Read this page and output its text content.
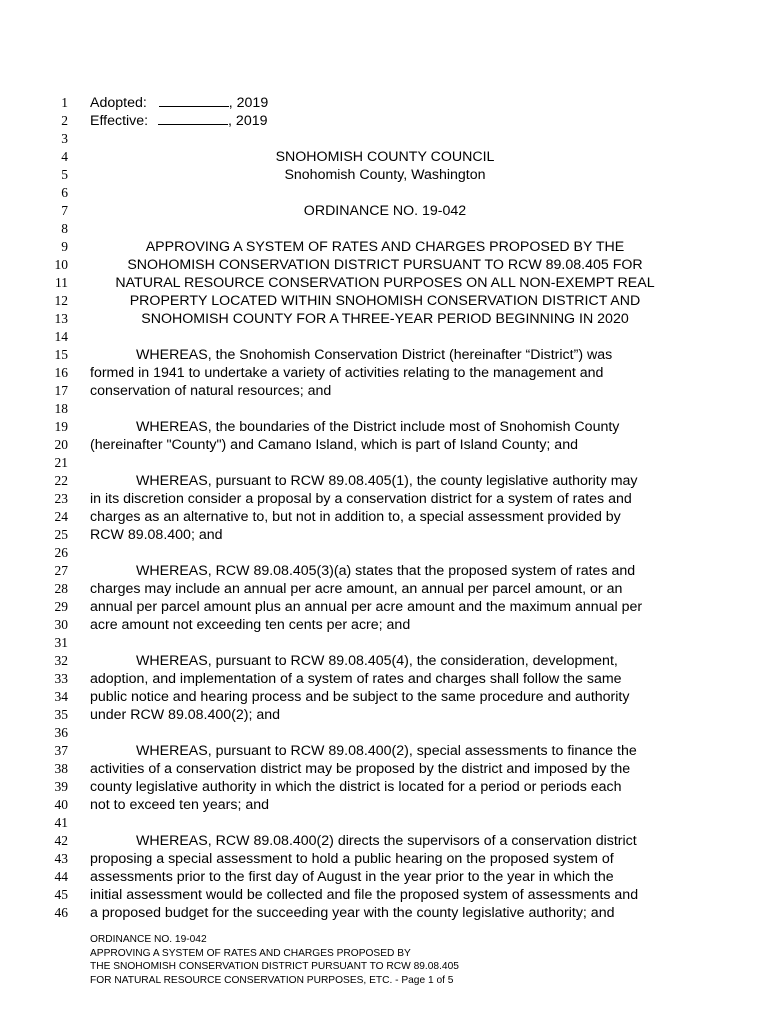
1
2
3
4
5
6
7
8
9
10
11
12
13
14
15
16
17
18
19
20
21
22
23
24
25
26
27
28
29
30
31
32
33
34
35
36
37
38
39
40
41
42
43
44
45
46
Adopted:	, 2019
Effective:	, 2019
SNOHOMISH COUNTY COUNCIL
Snohomish County, Washington
ORDINANCE NO. 19-042
APPROVING A SYSTEM OF RATES AND CHARGES PROPOSED BY THE
SNOHOMISH CONSERVATION DISTRICT PURSUANT TO RCW 89.08.405 FOR
NATURAL RESOURCE CONSERVATION PURPOSES ON ALL NON-EXEMPT REAL
PROPERTY LOCATED WITHIN SNOHOMISH CONSERVATION DISTRICT AND
SNOHOMISH COUNTY FOR A THREE-YEAR PERIOD BEGINNING IN 2020
WHEREAS, the Snohomish Conservation District (hereinafter “District”) was
formed in 1941 to undertake a variety of activities relating to the management and
conservation of natural resources; and
WHEREAS, the boundaries of the District include most of Snohomish County
(hereinafter "County") and Camano Island, which is part of Island County; and
WHEREAS, pursuant to RCW 89.08.405(1), the county legislative authority may
in its discretion consider a proposal by a conservation district for a system of rates and
charges as an alternative to, but not in addition to, a special assessment provided by
RCW 89.08.400; and
WHEREAS, RCW 89.08.405(3)(a) states that the proposed system of rates and
charges may include an annual per acre amount, an annual per parcel amount, or an
annual per parcel amount plus an annual per acre amount and the maximum annual per
acre amount not exceeding ten cents per acre; and
WHEREAS, pursuant to RCW 89.08.405(4), the consideration, development,
adoption, and implementation of a system of rates and charges shall follow the same
public notice and hearing process and be subject to the same procedure and authority
under RCW 89.08.400(2); and
WHEREAS, pursuant to RCW 89.08.400(2), special assessments to finance the
activities of a conservation district may be proposed by the district and imposed by the
county legislative authority in which the district is located for a period or periods each
not to exceed ten years; and
WHEREAS, RCW 89.08.400(2) directs the supervisors of a conservation district
proposing a special assessment to hold a public hearing on the proposed system of
assessments prior to the first day of August in the year prior to the year in which the
initial assessment would be collected and file the proposed system of assessments and
a proposed budget for the succeeding year with the county legislative authority; and
ORDINANCE NO. 19-042
APPROVING A SYSTEM OF RATES AND CHARGES PROPOSED BY
THE SNOHOMISH CONSERVATION DISTRICT PURSUANT TO RCW 89.08.405
FOR NATURAL RESOURCE CONSERVATION PURPOSES, ETC. - Page 1 of 5
